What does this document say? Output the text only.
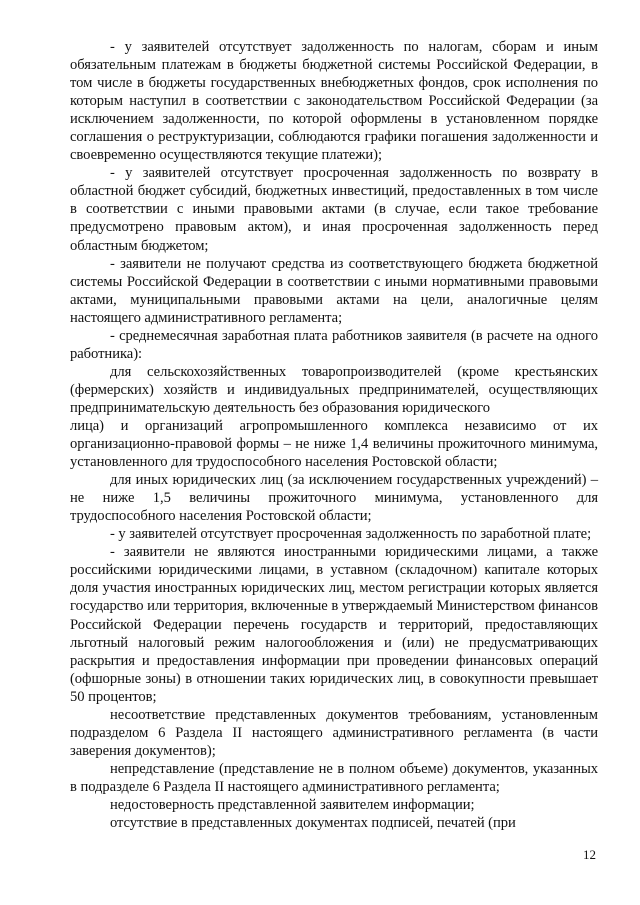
- у заявителей отсутствует задолженность по налогам, сборам и иным обязательным платежам в бюджеты бюджетной системы Российской Федерации, в том числе в бюджеты государственных внебюджетных фондов, срок исполнения по которым наступил в соответствии с законодательством Российской Федерации (за исключением задолженности, по которой оформлены в установленном порядке соглашения о реструктуризации, соблюдаются графики погашения задолженности и своевременно осуществляются текущие платежи);

- у заявителей отсутствует просроченная задолженность по возврату в областной бюджет субсидий, бюджетных инвестиций, предоставленных в том числе в соответствии с иными правовыми актами (в случае, если такое требование предусмотрено правовым актом), и иная просроченная задолженность перед областным бюджетом;

- заявители не получают средства из соответствующего бюджета бюджетной системы Российской Федерации в соответствии с иными нормативными правовыми актами, муниципальными правовыми актами на цели, аналогичные целям настоящего административного регламента;

- среднемесячная заработная плата работников заявителя (в расчете на одного работника):

для сельскохозяйственных товаропроизводителей (кроме крестьянских (фермерских) хозяйств и индивидуальных предпринимателей, осуществляющих предпринимательскую деятельность без образования юридического

лица) и организаций агропромышленного комплекса независимо от их организационно-правовой формы – не ниже 1,4 величины прожиточного минимума, установленного для трудоспособного населения Ростовской области;

для иных юридических лиц (за исключением государственных учреждений) – не ниже 1,5 величины прожиточного минимума, установленного для трудоспособного населения Ростовской области;

- у заявителей отсутствует просроченная задолженность по заработной плате;

- заявители не являются иностранными юридическими лицами, а также российскими юридическими лицами, в уставном (складочном) капитале которых доля участия иностранных юридических лиц, местом регистрации которых является государство или территория, включенные в утверждаемый Министерством финансов Российской Федерации перечень государств и территорий, предоставляющих льготный налоговый режим налогообложения и (или) не предусматривающих раскрытия и предоставления информации при проведении финансовых операций (офшорные зоны) в отношении таких юридических лиц, в совокупности превышает 50 процентов;

несоответствие представленных документов требованиям, установленным подразделом 6 Раздела II настоящего административного регламента (в части заверения документов);

непредставление (представление не в полном объеме) документов, указанных в подразделе 6 Раздела II настоящего административного регламента;

недостоверность представленной заявителем информации;

отсутствие в представленных документах подписей, печатей (при

12
